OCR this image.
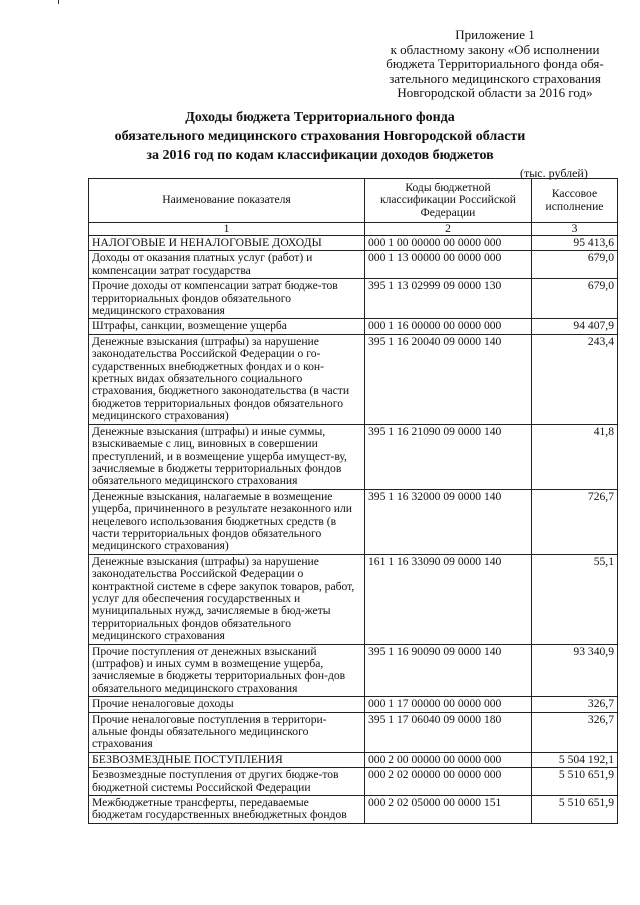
Приложение 1
к областному закону «Об исполнении
бюджета Территориального фонда обя-
зательного медицинского страхования
Новгородской области за 2016 год»
Доходы бюджета Территориального фонда
обязательного медицинского страхования Новгородской области
за 2016 год по кодам классификации доходов бюджетов
(тыс. рублей)
Наименование показателя	Коды бюджетной классификации Российской Федерации	Кассовое исполнение
1	2	3
НАЛОГОВЫЕ И НЕНАЛОГОВЫЕ ДОХОДЫ	000 1 00 00000 00 0000 000	95 413,6
Доходы от оказания платных услуг (работ) и компенсации затрат государства	000 1 13 00000 00 0000 000	679,0
Прочие доходы от компенсации затрат бюдже-тов территориальных фондов обязательного медицинского страхования	395 1 13 02999 09 0000 130	679,0
Штрафы, санкции, возмещение ущерба	000 1 16 00000 00 0000 000	94 407,9
Денежные взыскания (штрафы) за нарушение законодательства Российской Федерации о го-сударственных внебюджетных фондах и о кон-кретных видах обязательного социального страхования, бюджетного законодательства (в части бюджетов территориальных фондов обязательного медицинского страхования)	395 1 16 20040 09 0000 140	243,4
Денежные взыскания (штрафы) и иные суммы, взыскиваемые с лиц, виновных в совершении преступлений, и в возмещение ущерба имущест-ву, зачисляемые в бюджеты территориальных фондов обязательного медицинского страхования	395 1 16 21090 09 0000 140	41,8
Денежные взыскания, налагаемые в возмещение ущерба, причиненного в результате незаконного или нецелевого использования бюджетных средств (в части территориальных фондов обязательного медицинского страхования)	395 1 16 32000 09 0000 140	726,7
Денежные взыскания (штрафы) за нарушение законодательства Российской Федерации о контрактной системе в сфере закупок товаров, работ, услуг для обеспечения государственных и муниципальных нужд, зачисляемые в бюд-жеты территориальных фондов обязательного медицинского страхования	161 1 16 33090 09 0000 140	55,1
Прочие поступления от денежных взысканий (штрафов) и иных сумм в возмещение ущерба, зачисляемые в бюджеты территориальных фон-дов обязательного медицинского страхования	395 1 16 90090 09 0000 140	93 340,9
Прочие неналоговые доходы	000 1 17 00000 00 0000 000	326,7
Прочие неналоговые поступления в территори-альные фонды обязательного медицинского страхования	395 1 17 06040 09 0000 180	326,7
БЕЗВОЗМЕЗДНЫЕ ПОСТУПЛЕНИЯ	000 2 00 00000 00 0000 000	5 504 192,1
Безвозмездные поступления от других бюдже-тов бюджетной системы Российской Федерации	000 2 02 00000 00 0000 000	5 510 651,9
Межбюджетные трансферты, передаваемые бюджетам государственных внебюджетных фондов	000 2 02 05000 00 0000 151	5 510 651,9
